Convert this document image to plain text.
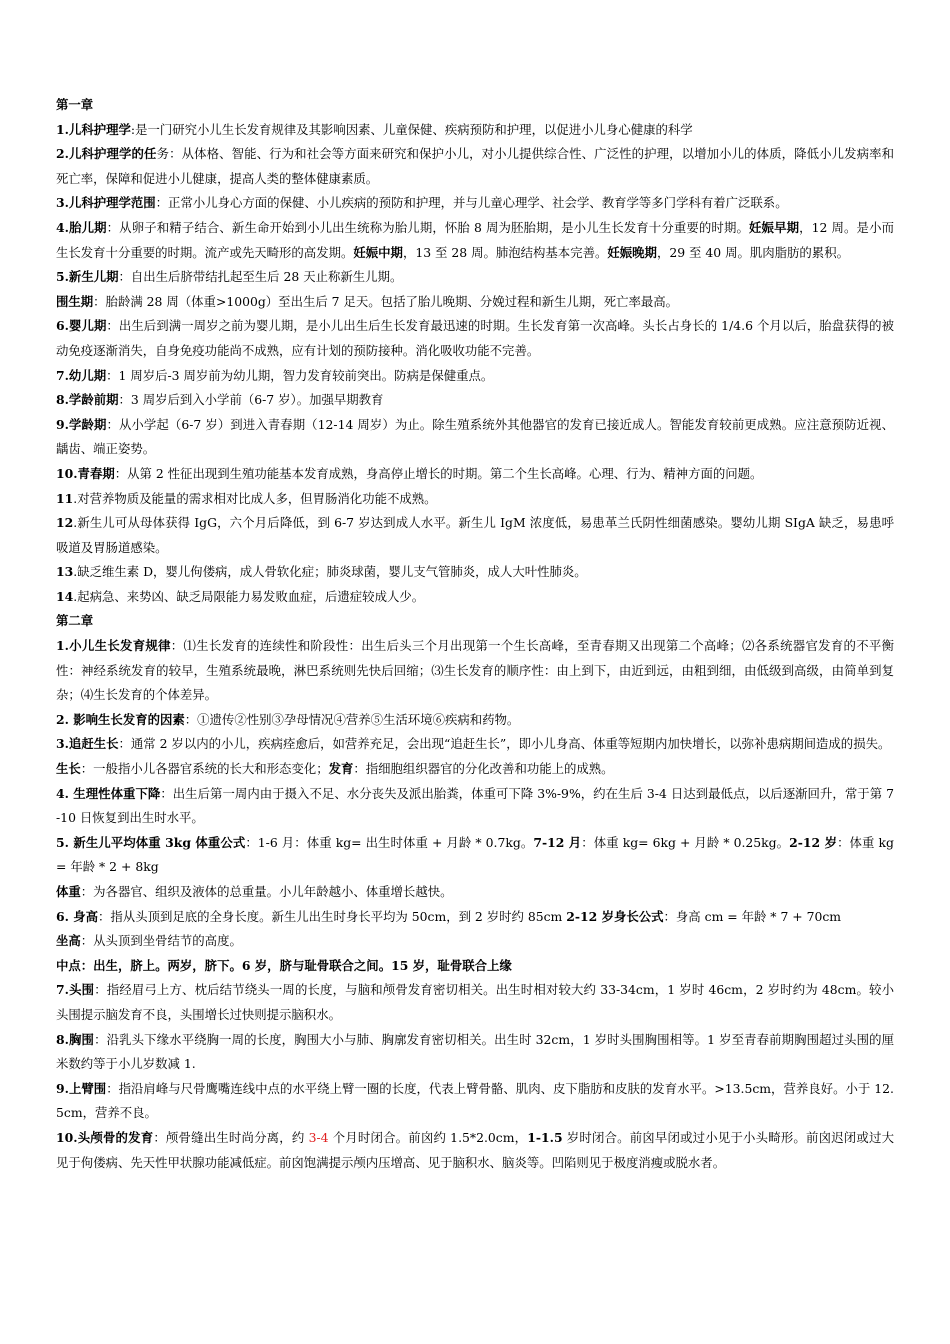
第一章

1.儿科护理学:是一门研究小儿生长发育规律及其影响因素、儿童保健、疾病预防和护理，以促进小儿身心健康的科学

2.儿科护理学的任务：从体格、智能、行为和社会等方面来研究和保护小儿，对小儿提供综合性、广泛性的护理，以增加小儿的体质，降低小儿发病率和死亡率，保障和促进小儿健康，提高人类的整体健康素质。

3.儿科护理学范围：正常小儿身心方面的保健、小儿疾病的预防和护理，并与儿童心理学、社会学、教育学等多门学科有着广泛联系。

4.胎儿期：从卵子和精子结合、新生命开始到小儿出生统称为胎儿期，怀胎 8 周为胚胎期，是小儿生长发育十分重要的时期。妊娠早期，12 周。是小而生长发育十分重要的时期。流产或先天畸形的高发期。妊娠中期，13 至 28 周。肺泡结构基本完善。妊娠晚期，29 至 40 周。肌肉脂肪的累积。

5.新生儿期：自出生后脐带结扎起至生后 28 天止称新生儿期。

围生期：胎龄满 28 周（体重>1000g）至出生后 7 足天。包括了胎儿晚期、分娩过程和新生儿期，死亡率最高。

6.婴儿期：出生后到满一周岁之前为婴儿期，是小儿出生后生长发育最迅速的时期。生长发育第一次高峰。头长占身长的 1/4.6 个月以后，胎盘获得的被动免疫逐渐消失，自身免疫功能尚不成熟，应有计划的预防接种。消化吸收功能不完善。

7.幼儿期：1 周岁后-3 周岁前为幼儿期，智力发育较前突出。防病是保健重点。

8.学龄前期：3 周岁后到入小学前（6-7 岁）。加强早期教育

9.学龄期：从小学起（6-7 岁）到进入青春期（12-14 周岁）为止。除生殖系统外其他器官的发育已接近成人。智能发育较前更成熟。应注意预防近视、龋齿、端正姿势。

10.青春期：从第 2 性征出现到生殖功能基本发育成熟，身高停止增长的时期。第二个生长高峰。心理、行为、精神方面的问题。

11.对营养物质及能量的需求相对比成人多，但胃肠消化功能不成熟。

12.新生儿可从母体获得 IgG，六个月后降低，到 6-7 岁达到成人水平。新生儿 IgM 浓度低，易患革兰氏阴性细菌感染。婴幼儿期 SIgA 缺乏，易患呼吸道及胃肠道感染。

13.缺乏维生素 D，婴儿佝偻病，成人骨软化症；肺炎球菌，婴儿支气管肺炎，成人大叶性肺炎。

14.起病急、来势凶、缺乏局限能力易发败血症，后遗症较成人少。

第二章

1.小儿生长发育规律：⑴生长发育的连续性和阶段性：出生后头三个月出现第一个生长高峰，至青春期又出现第二个高峰；⑵各系统器官发育的不平衡性：神经系统发育的较早，生殖系统最晚，淋巴系统则先快后回缩；⑶生长发育的顺序性：由上到下，由近到远，由粗到细，由低级到高级，由简单到复杂；⑷生长发育的个体差异。

2. 影响生长发育的因素：①遗传②性别③孕母情况④营养⑤生活环境⑥疾病和药物。

3.追赶生长：通常 2 岁以内的小儿，疾病痊愈后，如营养充足，会出现“追赶生长”，即小儿身高、体重等短期内加快增长，以弥补患病期间造成的损失。

生长：一般指小儿各器官系统的长大和形态变化；发育：指细胞组织器官的分化改善和功能上的成熟。

4. 生理性体重下降：出生后第一周内由于摄入不足、水分丧失及派出胎粪，体重可下降 3%-9%，约在生后 3-4 日达到最低点，以后逐渐回升，常于第 7-10 日恢复到出生时水平。

5. 新生儿平均体重 3kg 体重公式：1-6 月：体重 kg= 出生时体重 + 月龄 * 0.7kg。7-12 月：体重 kg= 6kg + 月龄 * 0.25kg。2-12 岁：体重 kg= 年龄 * 2 + 8kg

体重：为各器官、组织及液体的总重量。小儿年龄越小、体重增长越快。

6. 身高：指从头顶到足底的全身长度。新生儿出生时身长平均为 50cm，到 2 岁时约 85cm 2-12 岁身长公式：身高 cm = 年龄 * 7 + 70cm

坐高：从头顶到坐骨结节的高度。

中点：出生，脐上。两岁，脐下。6 岁，脐与耻骨联合之间。15 岁，耻骨联合上缘

7.头围：指经眉弓上方、枕后结节绕头一周的长度，与脑和颅骨发育密切相关。出生时相对较大约 33-34cm，1 岁时 46cm，2 岁时约为 48cm。较小头围提示脑发育不良，头围增长过快则提示脑积水。

8.胸围：沿乳头下缘水平绕胸一周的长度，胸围大小与肺、胸廓发育密切相关。出生时 32cm，1 岁时头围胸围相等。1 岁至青春前期胸围超过头围的厘米数约等于小儿岁数减 1.

9.上臂围：指沿肩峰与尺骨鹰嘴连线中点的水平绕上臂一圈的长度，代表上臂骨骼、肌肉、皮下脂肪和皮肤的发育水平。>13.5cm，营养良好。小于 12.5cm，营养不良。

10.头颅骨的发育：颅骨缝出生时尚分离，约 3-4 个月时闭合。前囟约 1.5*2.0cm，1-1.5 岁时闭合。前囟早闭或过小见于小头畸形。前囟迟闭或过大见于佝偻病、先天性甲状腺功能减低症。前囟饱满提示颅内压增高、见于脑积水、脑炎等。凹陷则见于极度消瘦或脱水者。
